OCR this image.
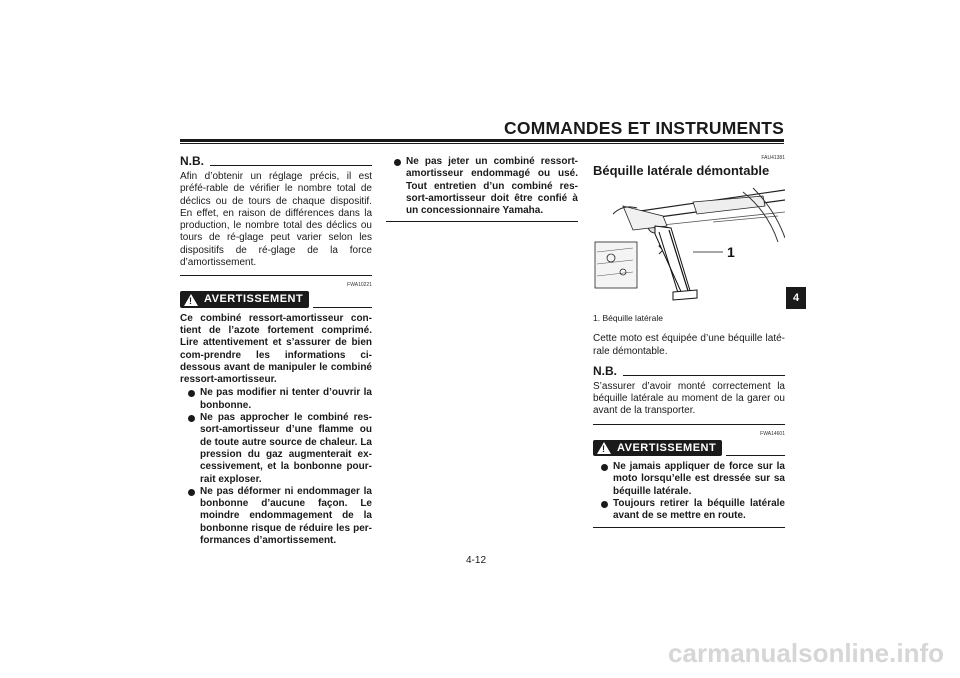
COMMANDES ET INSTRUMENTS
4
N.B.

Afin d’obtenir un réglage précis, il est préfé-rable de vérifier le nombre total de déclics ou de tours de chaque dispositif. En effet, en raison de différences dans la production, le nombre total des déclics ou tours de ré-glage peut varier selon les dispositifs de ré-glage de la force d’amortissement.

FWA10221
! AVERTISSEMENT

Ce combiné ressort-amortisseur con-tient de l’azote fortement comprimé. Lire attentivement et s’assurer de bien com-prendre les informations ci-dessous avant de manipuler le combiné ressort-amortisseur.

Ne pas modifier ni tenter d’ouvrir la bonbonne.
Ne pas approcher le combiné res-sort-amortisseur d’une flamme ou de toute autre source de chaleur. La pression du gaz augmenterait ex-cessivement, et la bonbonne pour-rait exploser.
Ne pas déformer ni endommager la bonbonne d’aucune façon. Le moindre endommagement de la bonbonne risque de réduire les per-formances d’amortissement.
Ne pas jeter un combiné ressort-amortisseur endommagé ou usé. Tout entretien d’un combiné res-sort-amortisseur doit être confié à un concessionnaire Yamaha.
FAU41381
Béquille latérale démontable
1
1. Béquille latérale

Cette moto est équipée d’une béquille laté-rale démontable.

N.B.

S’assurer d’avoir monté correctement la béquille latérale au moment de la garer ou avant de la transporter.

FWA14601
! AVERTISSEMENT
Ne jamais appliquer de force sur la moto lorsqu’elle est dressée sur sa béquille latérale.
Toujours retirer la béquille latérale avant de se mettre en route.
4-12
carmanualsonline.info
